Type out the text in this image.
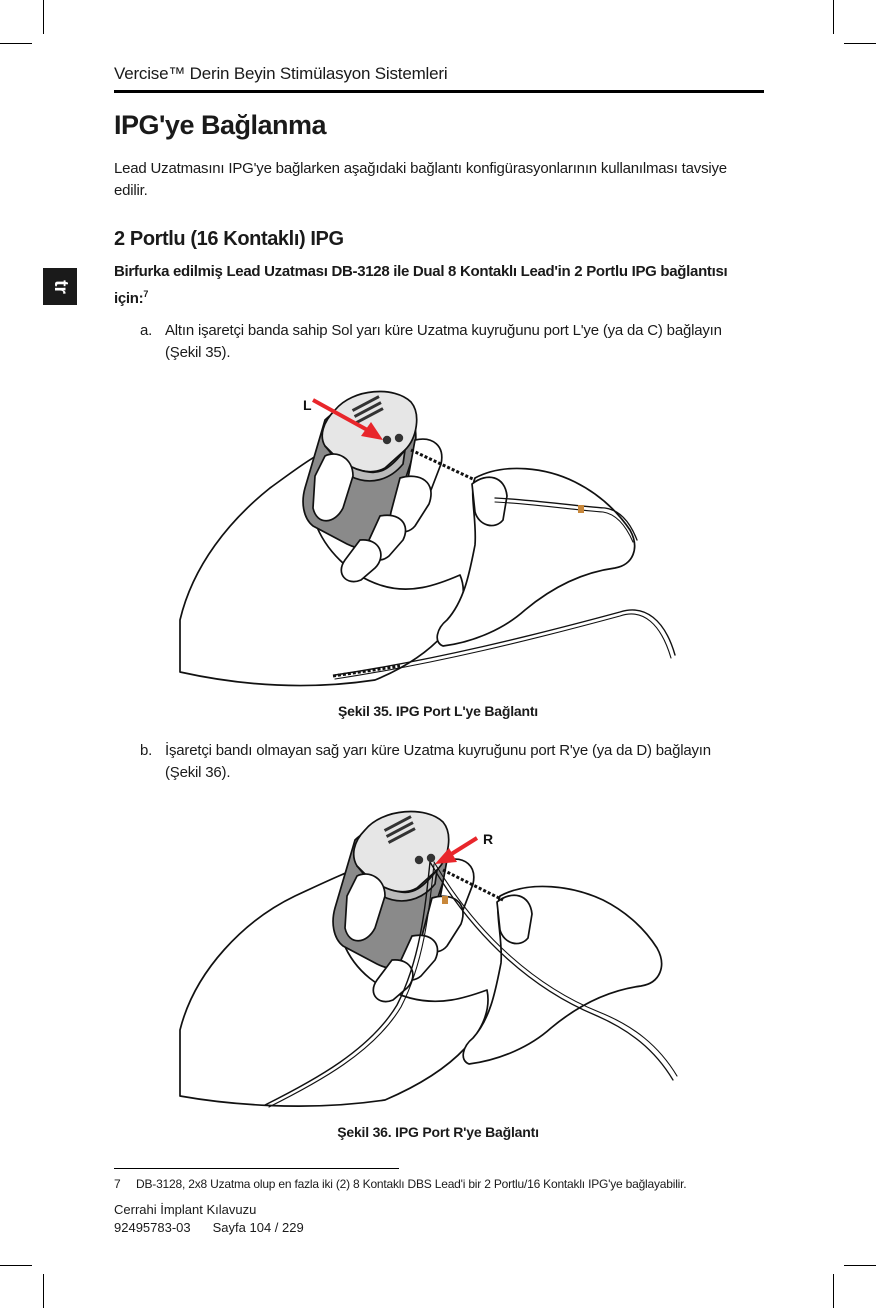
Vercise™ Derin Beyin Stimülasyon Sistemleri
IPG'ye Bağlanma

Lead Uzatmasını IPG'ye bağlarken aşağıdaki bağlantı konfigürasyonlarının kullanılması tavsiye edilir.

2 Portlu (16 Kontaklı) IPG

Birfurka edilmiş Lead Uzatması DB-3128 ile Dual 8 Kontaklı Lead'in 2 Portlu IPG bağlantısı için:$^7$

tr
a. Altın işaretçi banda sahip Sol yarı küre Uzatma kuyruğunu port L'ye (ya da C) bağlayın (Şekil 35).
L
Şekil 35. IPG Port L'ye Bağlantı
b. İşaretçi bandı olmayan sağ yarı küre Uzatma kuyruğunu port R'ye (ya da D) bağlayın (Şekil 36).
R
Şekil 36. IPG Port R'ye Bağlantı
7 DB-3128, 2x8 Uzatma olup en fazla iki (2) 8 Kontaklı DBS Lead'i bir 2 Portlu/16 Kontaklı IPG'ye bağlayabilir.
Cerrahi İmplant Kılavuzu
92495783-03 Sayfa 104 / 229
